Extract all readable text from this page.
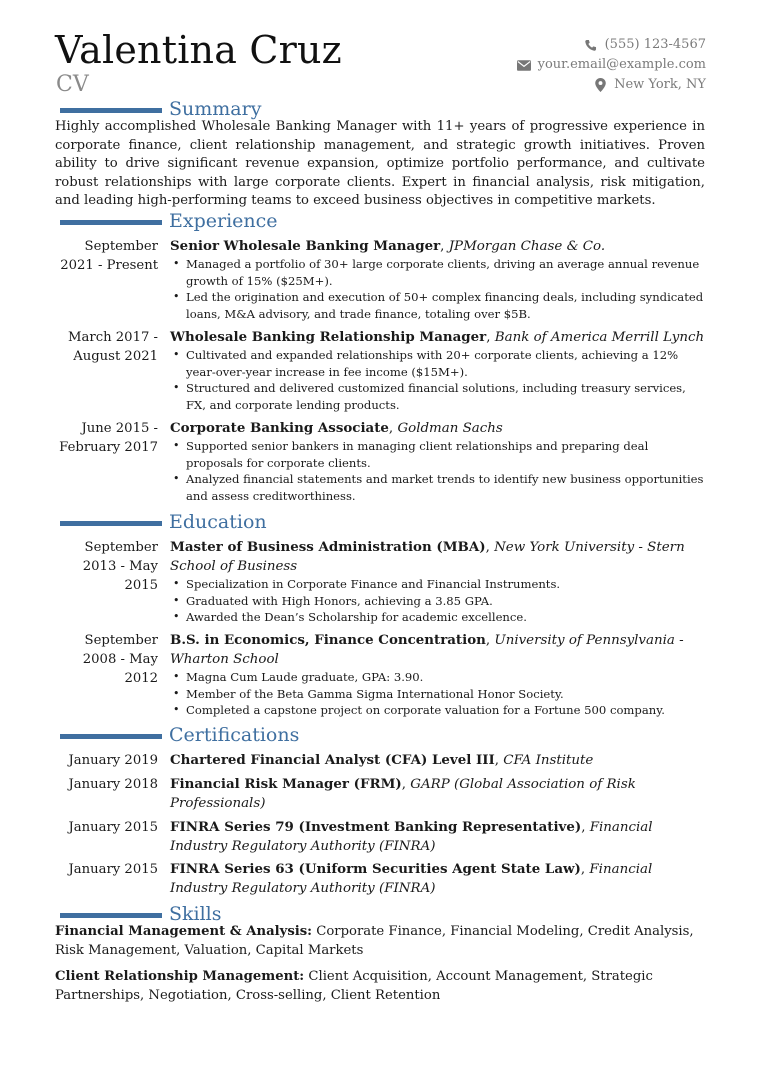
Valentina Cruz
CV
(555) 123-4567
your.email@example.com
New York, NY
Summary
Highly accomplished Wholesale Banking Manager with 11+ years of progressive experience in corporate finance, client relationship management, and strategic growth initiatives. Proven ability to drive significant revenue expansion, optimize portfolio performance, and cultivate robust relationships with large corporate clients. Expert in financial analysis, risk mitigation, and leading high-performing teams to exceed business objectives in competitive markets.
Experience
September 2021 - Present
Senior Wholesale Banking Manager, JPMorgan Chase & Co.
• Managed a portfolio of 30+ large corporate clients, driving an average annual revenue growth of 15% ($25M+).
• Led the origination and execution of 50+ complex financing deals, including syndicated loans, M&A advisory, and trade finance, totaling over $5B.
March 2017 - August 2021
Wholesale Banking Relationship Manager, Bank of America Merrill Lynch
• Cultivated and expanded relationships with 20+ corporate clients, achieving a 12% year-over-year increase in fee income ($15M+).
• Structured and delivered customized financial solutions, including treasury services, FX, and corporate lending products.
June 2015 - February 2017
Corporate Banking Associate, Goldman Sachs
• Supported senior bankers in managing client relationships and preparing deal proposals for corporate clients.
• Analyzed financial statements and market trends to identify new business opportunities and assess creditworthiness.
Education
September 2013 - May 2015
Master of Business Administration (MBA), New York University - Stern School of Business
• Specialization in Corporate Finance and Financial Instruments.
• Graduated with High Honors, achieving a 3.85 GPA.
• Awarded the Dean’s Scholarship for academic excellence.
September 2008 - May 2012
B.S. in Economics, Finance Concentration, University of Pennsylvania - Wharton School
• Magna Cum Laude graduate, GPA: 3.90.
• Member of the Beta Gamma Sigma International Honor Society.
• Completed a capstone project on corporate valuation for a Fortune 500 company.
Certifications
January 2019 Chartered Financial Analyst (CFA) Level III, CFA Institute
January 2018 Financial Risk Manager (FRM), GARP (Global Association of Risk Professionals)
January 2015 FINRA Series 79 (Investment Banking Representative), Financial Industry Regulatory Authority (FINRA)
January 2015 FINRA Series 63 (Uniform Securities Agent State Law), Financial Industry Regulatory Authority (FINRA)
Skills
Financial Management & Analysis: Corporate Finance, Financial Modeling, Credit Analysis, Risk Management, Valuation, Capital Markets
Client Relationship Management: Client Acquisition, Account Management, Strategic Partnerships, Negotiation, Cross-selling, Client Retention
